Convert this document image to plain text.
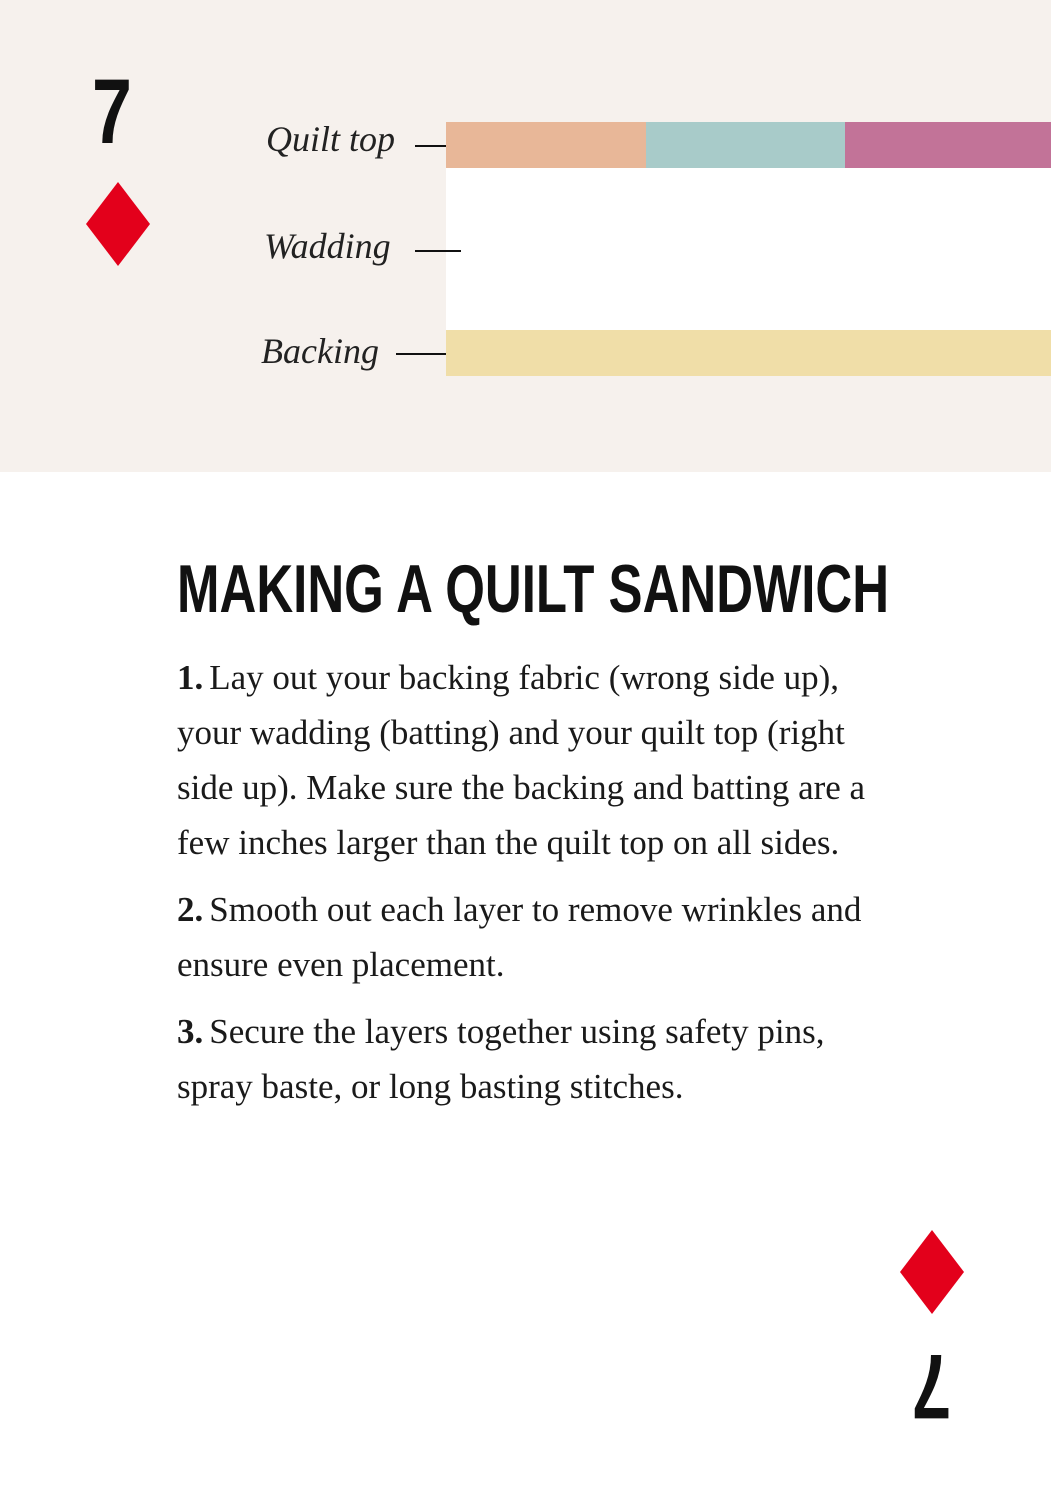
7	Quilt top
Wadding
Backing
MAKING A QUILT SANDWICH

1. Lay out your backing fabric (wrong side up), your wadding (batting) and your quilt top (right side up). Make sure the backing and batting are a few inches larger than the quilt top on all sides.

2. Smooth out each layer to remove wrinkles and ensure even placement.

3. Secure the layers together using safety pins, spray baste, or long basting stitches.

7
